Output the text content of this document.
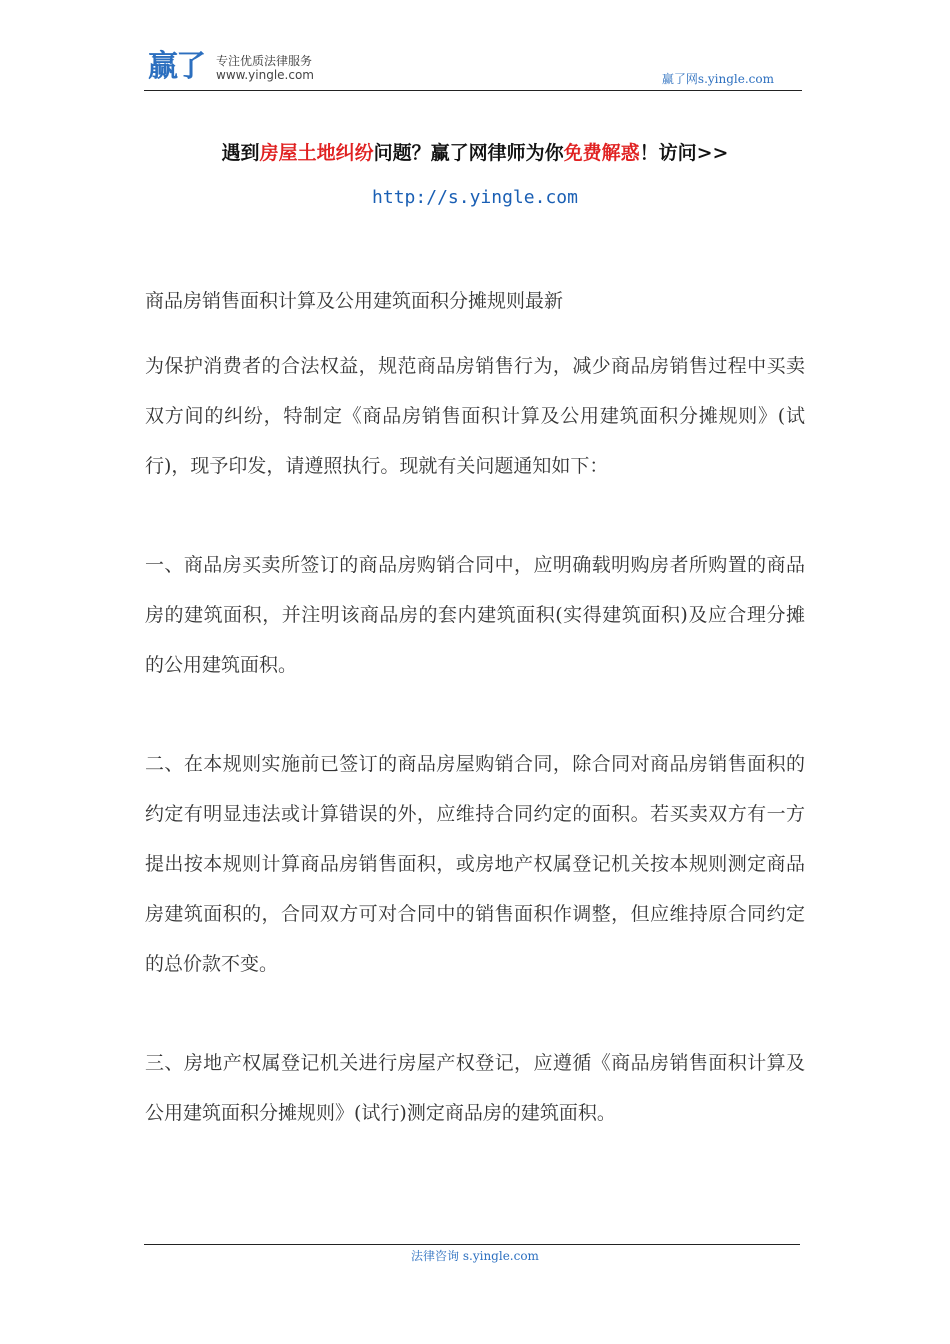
赢了 专注优质法律服务
www.yingle.com	赢了网s.yingle.com
遇到房屋土地纠纷问题？赢了网律师为你免费解惑！访问>>
http://s.yingle.com
商品房销售面积计算及公用建筑面积分摊规则最新
为保护消费者的合法权益，规范商品房销售行为，减少商品房销售过程中买卖双方间的纠纷，特制定《商品房销售面积计算及公用建筑面积分摊规则》(试行)，现予印发，请遵照执行。现就有关问题通知如下：
一、商品房买卖所签订的商品房购销合同中，应明确载明购房者所购置的商品房的建筑面积，并注明该商品房的套内建筑面积(实得建筑面积)及应合理分摊的公用建筑面积。
二、在本规则实施前已签订的商品房屋购销合同，除合同对商品房销售面积的约定有明显违法或计算错误的外，应维持合同约定的面积。若买卖双方有一方提出按本规则计算商品房销售面积，或房地产权属登记机关按本规则测定商品房建筑面积的，合同双方可对合同中的销售面积作调整，但应维持原合同约定的总价款不变。
三、房地产权属登记机关进行房屋产权登记，应遵循《商品房销售面积计算及公用建筑面积分摊规则》(试行)测定商品房的建筑面积。
法律咨询 s.yingle.com
